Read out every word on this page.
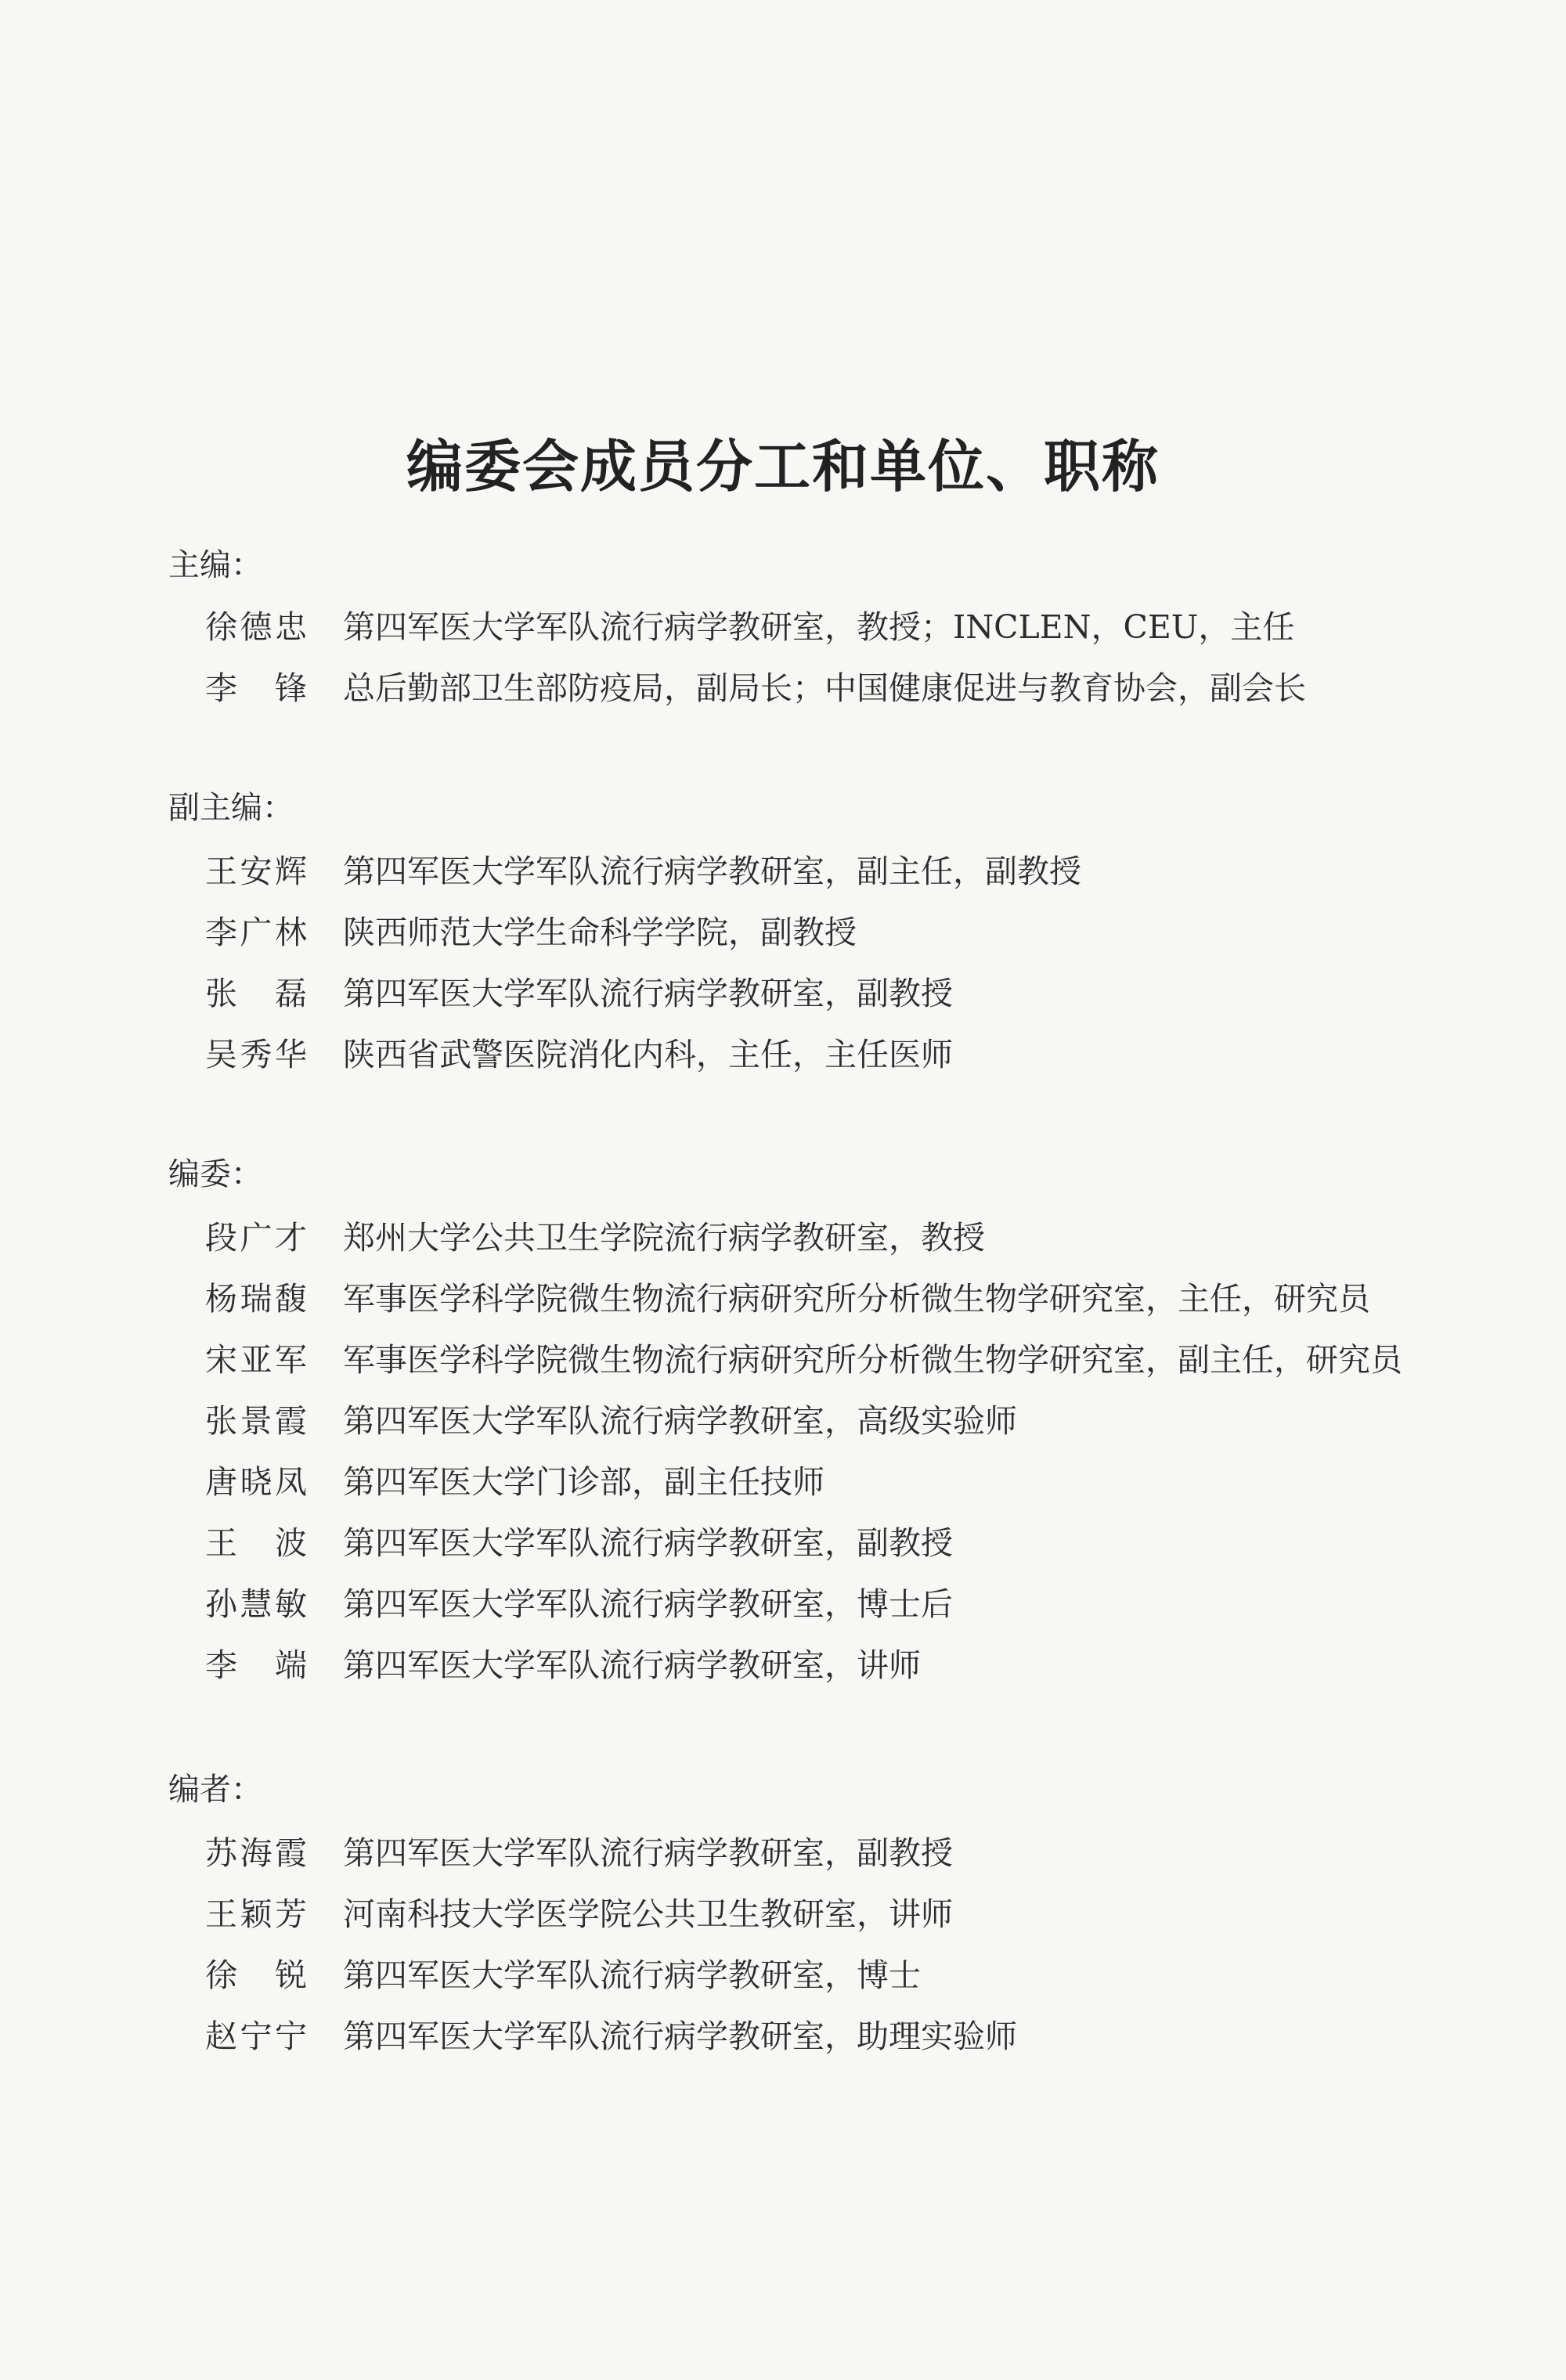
编委会成员分工和单位、职称
主编：
徐德忠 第四军医大学军队流行病学教研室，教授；INCLEN，CEU，主任
李锋 总后勤部卫生部防疫局，副局长；中国健康促进与教育协会，副会长
副主编：
王安辉 第四军医大学军队流行病学教研室，副主任，副教授
李广林 陕西师范大学生命科学学院，副教授
张磊 第四军医大学军队流行病学教研室，副教授
吴秀华 陕西省武警医院消化内科，主任，主任医师
编委：
段广才 郑州大学公共卫生学院流行病学教研室，教授
杨瑞馥 军事医学科学院微生物流行病研究所分析微生物学研究室，主任，研究员
宋亚军 军事医学科学院微生物流行病研究所分析微生物学研究室，副主任，研究员
张景霞 第四军医大学军队流行病学教研室，高级实验师
唐晓凤 第四军医大学门诊部，副主任技师
王波 第四军医大学军队流行病学教研室，副教授
孙慧敏 第四军医大学军队流行病学教研室，博士后
李端 第四军医大学军队流行病学教研室，讲师
编者：
苏海霞 第四军医大学军队流行病学教研室，副教授
王颖芳 河南科技大学医学院公共卫生教研室，讲师
徐锐 第四军医大学军队流行病学教研室，博士
赵宁宁 第四军医大学军队流行病学教研室，助理实验师
